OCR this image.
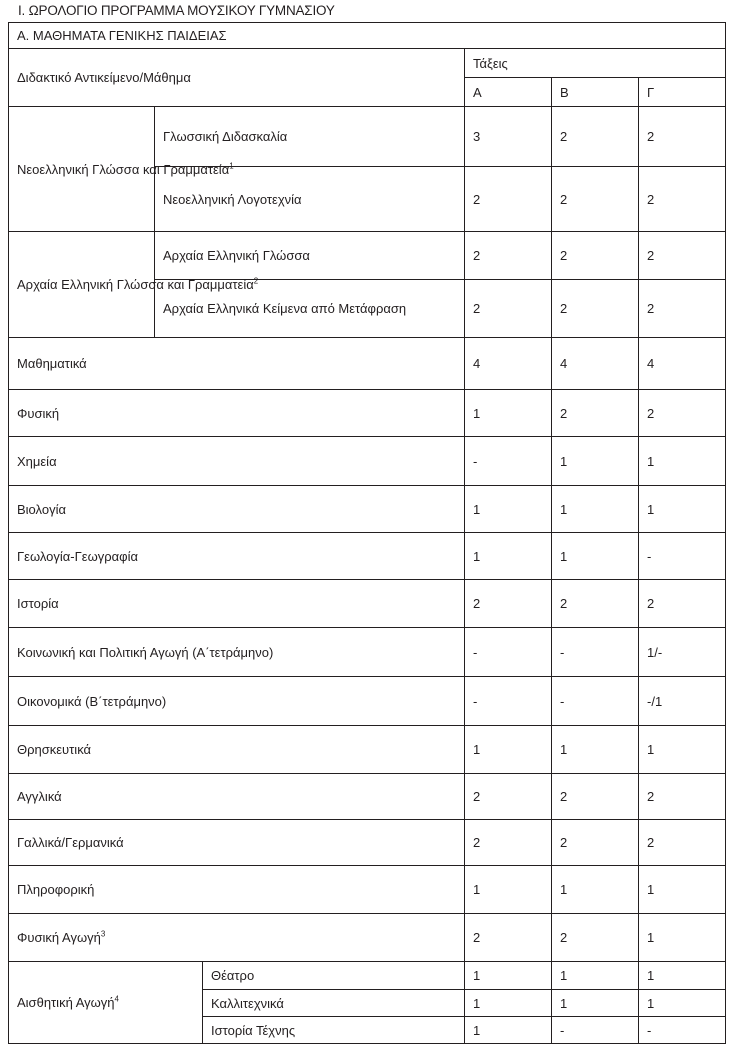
Ι. ΩΡΟΛΟΓΙΟ ΠΡΟΓΡΑΜΜΑ ΜΟΥΣΙΚΟΥ ΓΥΜΝΑΣΙΟΥ
Α. ΜΑΘΗΜΑΤΑ ΓΕΝΙΚΗΣ ΠΑΙΔΕΙΑΣ					
Διδακτικό Αντικείμενο/Μάθημα			Τάξεις		
			Α	Β	Γ
Νεοελληνική Γλώσσα και Γραμματεία$^1$	Γλωσσική Διδασκαλία		3	2	2
	Νεοελληνική Λογοτεχνία		2	2	2
Αρχαία Ελληνική Γλώσσα και Γραμματεία$^2$	Αρχαία Ελληνική Γλώσσα		2	2	2
	Αρχαία Ελληνικά Κείμενα από Μετάφραση		2	2	2
Μαθηματικά			4	4	4
Φυσική			1	2	2
Χημεία			-	1	1
Βιολογία			1	1	1
Γεωλογία-Γεωγραφία			1	1	-
Ιστορία			2	2	2
Κοινωνική και Πολιτική Αγωγή (Α΄τετράμηνο)			-	-	1/-
Οικονομικά (Β΄τετράμηνο)			-	-	-/1
Θρησκευτικά			1	1	1
Αγγλικά			2	2	2
Γαλλικά/Γερμανικά			2	2	2
Πληροφορική			1	1	1
Φυσική Αγωγή$^3$			2	2	1
Αισθητική Αγωγή$^4$		Θέατρο	1	1	1
		Καλλιτεχνικά	1	1	1
		Ιστορία Τέχνης	1	-	-
